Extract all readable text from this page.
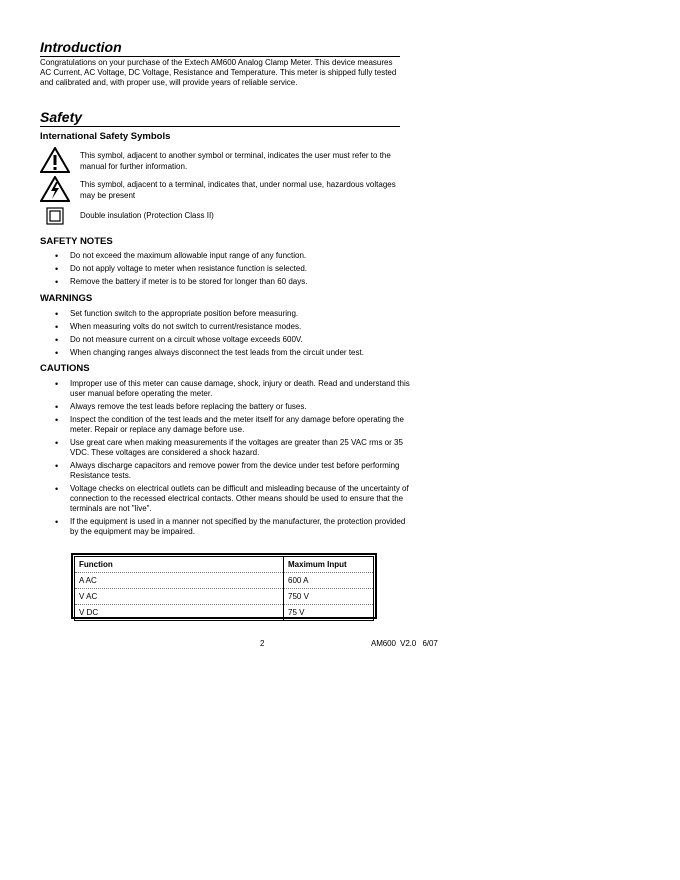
Introduction
Congratulations on your purchase of the Extech AM600 Analog Clamp Meter. This device measures AC Current, AC Voltage, DC Voltage, Resistance and Temperature. This meter is shipped fully tested and calibrated and, with proper use, will provide years of reliable service.
Safety
International Safety Symbols
This symbol, adjacent to another symbol or terminal, indicates the user must refer to the manual for further information.
This symbol, adjacent to a terminal, indicates that, under normal use, hazardous voltages may be present
Double insulation (Protection Class II)
SAFETY NOTES
• Do not exceed the maximum allowable input range of any function.
• Do not apply voltage to meter when resistance function is selected.
• Remove the battery if meter is to be stored for longer than 60 days.
WARNINGS
• Set function switch to the appropriate position before measuring.
• When measuring volts do not switch to current/resistance modes.
• Do not measure current on a circuit whose voltage exceeds 600V.
• When changing ranges always disconnect the test leads from the circuit under test.
CAUTIONS
• Improper use of this meter can cause damage, shock, injury or death. Read and understand this user manual before operating the meter.
• Always remove the test leads before replacing the battery or fuses.
• Inspect the condition of the test leads and the meter itself for any damage before operating the meter. Repair or replace any damage before use.
• Use great care when making measurements if the voltages are greater than 25 VAC rms or 35 VDC. These voltages are considered a shock hazard.
• Always discharge capacitors and remove power from the device under test before performing Resistance tests.
• Voltage checks on electrical outlets can be difficult and misleading because of the uncertainty of connection to the recessed electrical contacts. Other means should be used to ensure that the terminals are not "live".
• If the equipment is used in a manner not specified by the manufacturer, the protection provided by the equipment may be impaired.
Function	Maximum Input
A AC	600 A
V AC	750 V
V DC	75 V
2	AM600  V2.0   6/07
